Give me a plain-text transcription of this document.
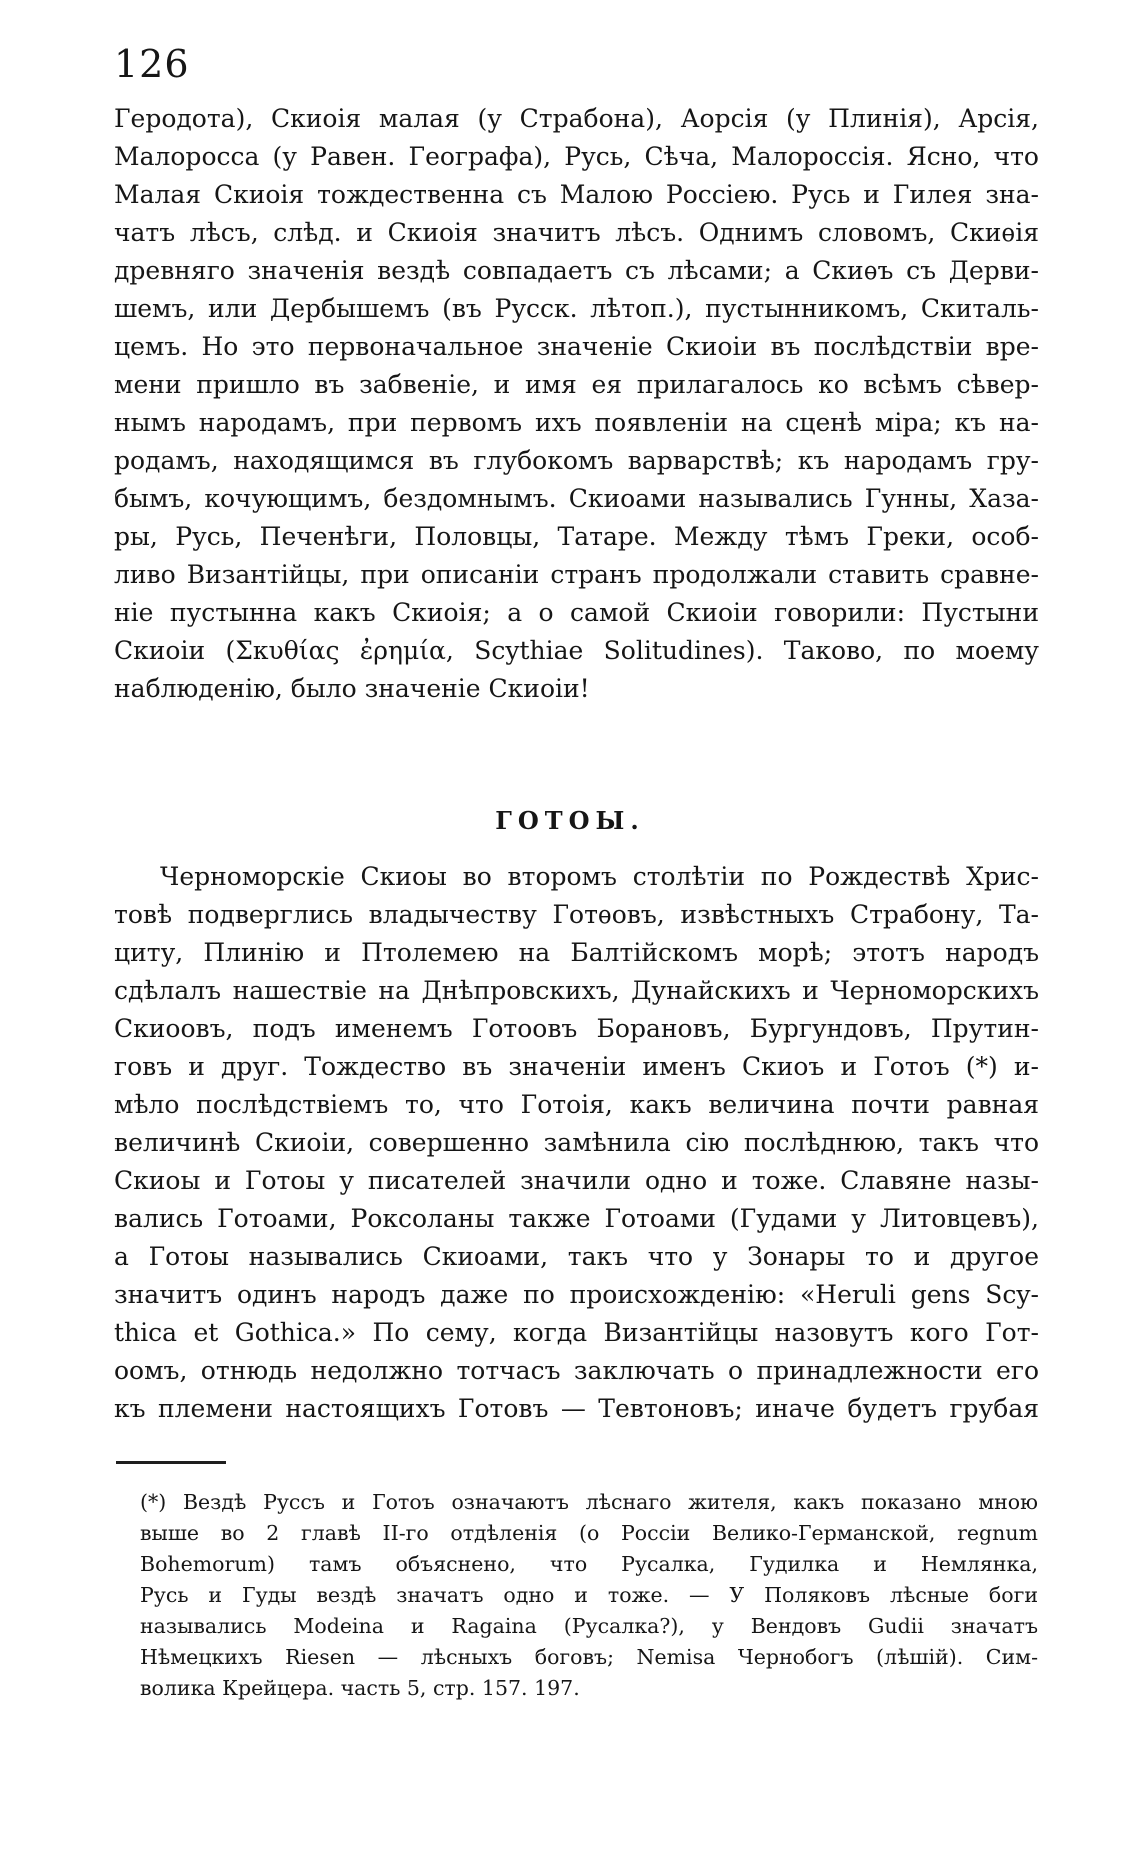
126
Геродота), Скиоія малая (у Страбона), Аорсія (у Плинія), Арсія,
Малоросса (у Равен. Географа), Русь, Сѣча, Малороссія. Ясно, что
Малая Скиоія тождественна съ Малою Россіею. Русь и Гилея зна-
чатъ лѣсъ, слѣд. и Скиоія значитъ лѣсъ. Однимъ словомъ, Скиѳія
древняго значенія вездѣ совпадаетъ съ лѣсами; а Скиѳъ съ Дерви-
шемъ, или Дербышемъ (въ Русск. лѣтоп.), пустынникомъ, Скиталь-
цемъ. Но это первоначальное значеніе Скиоіи въ послѣдствіи вре-
мени пришло въ забвеніе, и имя ея прилагалось ко всѣмъ сѣвер-
нымъ народамъ, при первомъ ихъ появленіи на сценѣ міра; къ на-
родамъ, находящимся въ глубокомъ варварствѣ; къ народамъ гру-
бымъ, кочующимъ, бездомнымъ. Скиоами назывались Гунны, Хаза-
ры, Русь, Печенѣги, Половцы, Татаре. Между тѣмъ Греки, особ-
ливо Византійцы, при описаніи странъ продолжали ставить сравне-
ніе пустынна какъ Скиоія; а о самой Скиоіи говорили: Пустыни
Скиоіи (Σκυθίας ἐρημία, Scythiae Solitudines). Таково, по моему
наблюденію, было значеніе Скиоіи!
ГОТОЫ.
Черноморскіе Скиоы во второмъ столѣтіи по Рождествѣ Хрис-
товѣ подверглись владычеству Готѳовъ, извѣстныхъ Страбону, Та-
циту, Плинію и Птолемею на Балтійскомъ морѣ; этотъ народъ
сдѣлалъ нашествіе на Днѣпровскихъ, Дунайскихъ и Черноморскихъ
Скиоовъ, подъ именемъ Готоовъ Борановъ, Бургундовъ, Прутин-
говъ и друг. Тождество въ значеніи именъ Скиоъ и Готоъ (*) и-
мѣло послѣдствіемъ то, что Готоія, какъ величина почти равная
величинѣ Скиоіи, совершенно замѣнила сію послѣднюю, такъ что
Скиоы и Готоы у писателей значили одно и тоже. Славяне назы-
вались Готоами, Роксоланы также Готоами (Гудами у Литовцевъ),
а Готоы назывались Скиоами, такъ что у Зонары то и другое
значитъ одинъ народъ даже по происхожденію: «Heruli gens Scy-
thica et Gothica.» По сему, когда Византійцы назовутъ кого Гот-
оомъ, отнюдь недолжно тотчасъ заключать о принадлежности его
къ племени настоящихъ Готовъ — Тевтоновъ; иначе будетъ грубая
(*) Вездѣ Руссъ и Готоъ означаютъ лѣснаго жителя, какъ показано мною
выше во 2 главѣ II-го отдѣленія (о Россіи Велико-Германской, regnum
Bohemorum) тамъ объяснено, что Русалка, Гудилка и Немлянка,
Русь и Гуды вездѣ значатъ одно и тоже. — У Поляковъ лѣсные боги
назывались Modeina и Ragaina (Русалка?), у Вендовъ Gudii значатъ
Нѣмецкихъ Riesen — лѣсныхъ боговъ; Nemisa Чернобогъ (лѣшій). Сим-
волика Крейцера. часть 5, стр. 157. 197.
